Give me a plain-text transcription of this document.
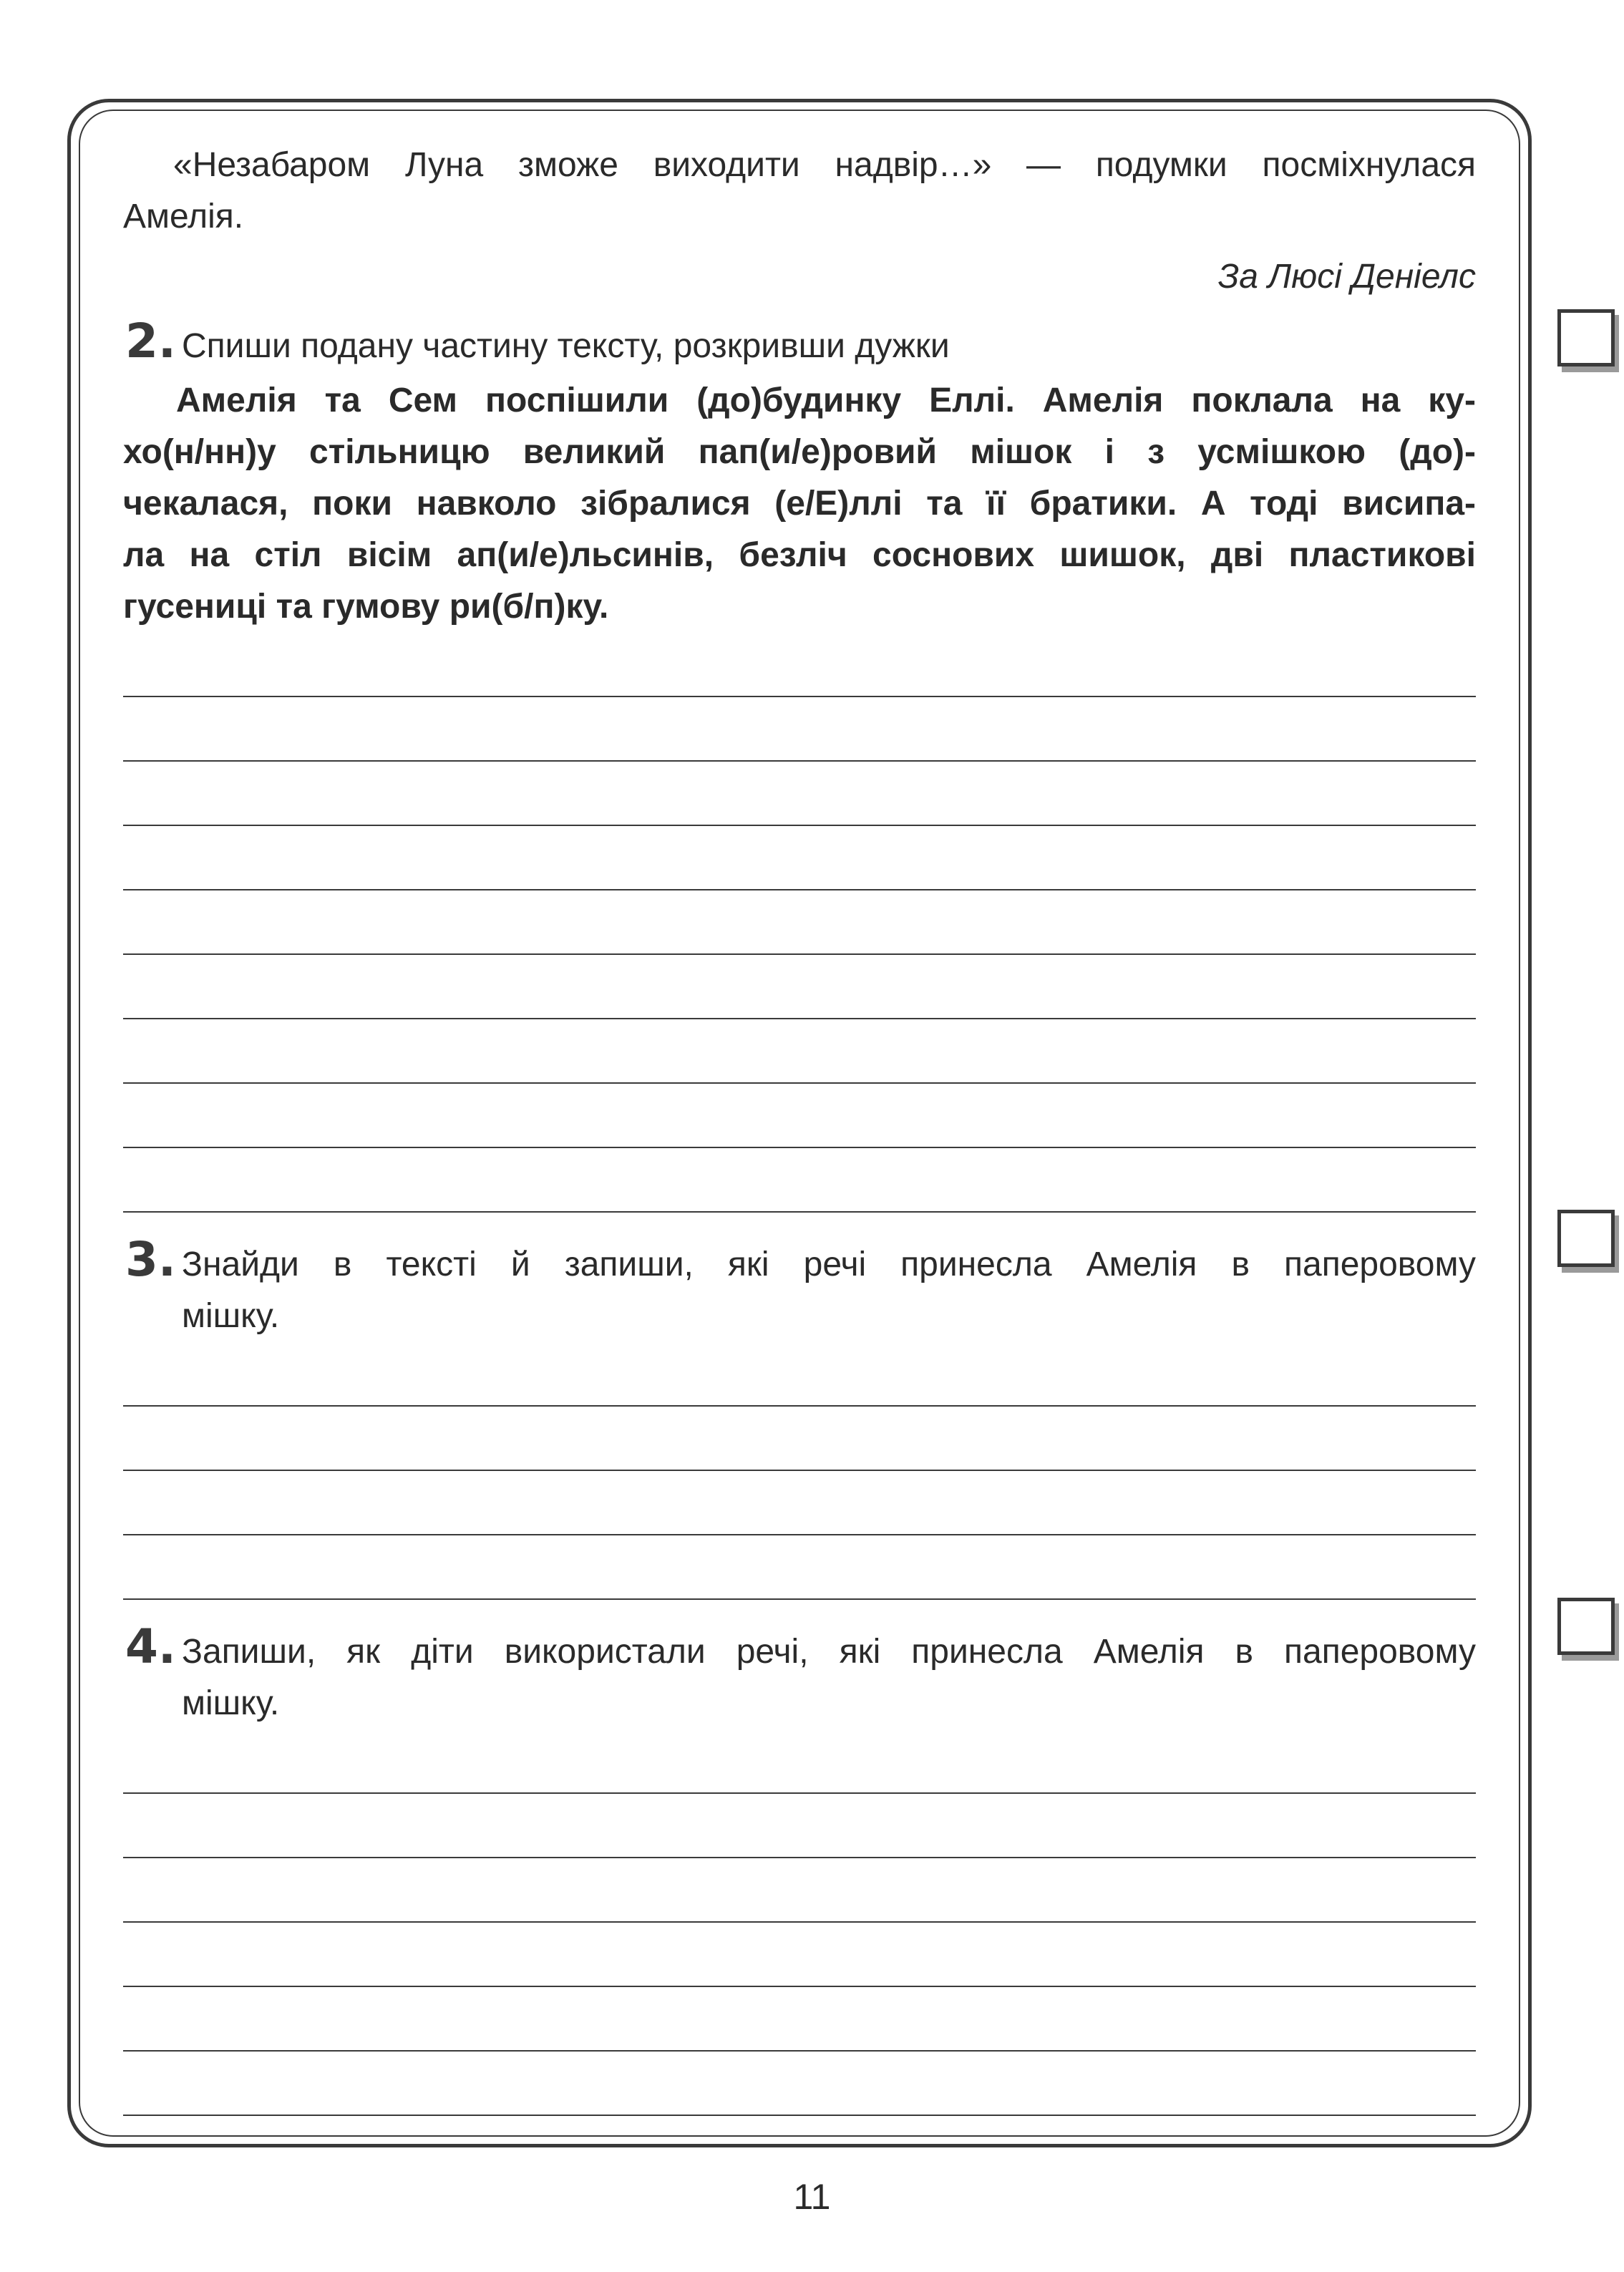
«Незабаром Луна зможе виходити надвір…» — подумки посміхнулася

Амелія.

За Люсі Деніелс
2. Спиши подану частину тексту, розкривши дужки
Амелія та Сем поспішили (до)будинку Еллі. Амелія поклала на ку-
хо(н/нн)у стільницю великий пап(и/е)ровий мішок і з усмішкою (до)-
чекалася, поки навколо зібралися (е/Е)ллі та її братики. А тоді висипа-
ла на стіл вісім ап(и/е)льсинів, безліч соснових шишок, дві пластикові
гусениці та гумову ри(б/п)ку.
3. Знайди в тексті й запиши, які речі принесла Амелія в паперовому
мішку.
4. Запиши, як діти використали речі, які принесла Амелія в паперовому
мішку.
11
